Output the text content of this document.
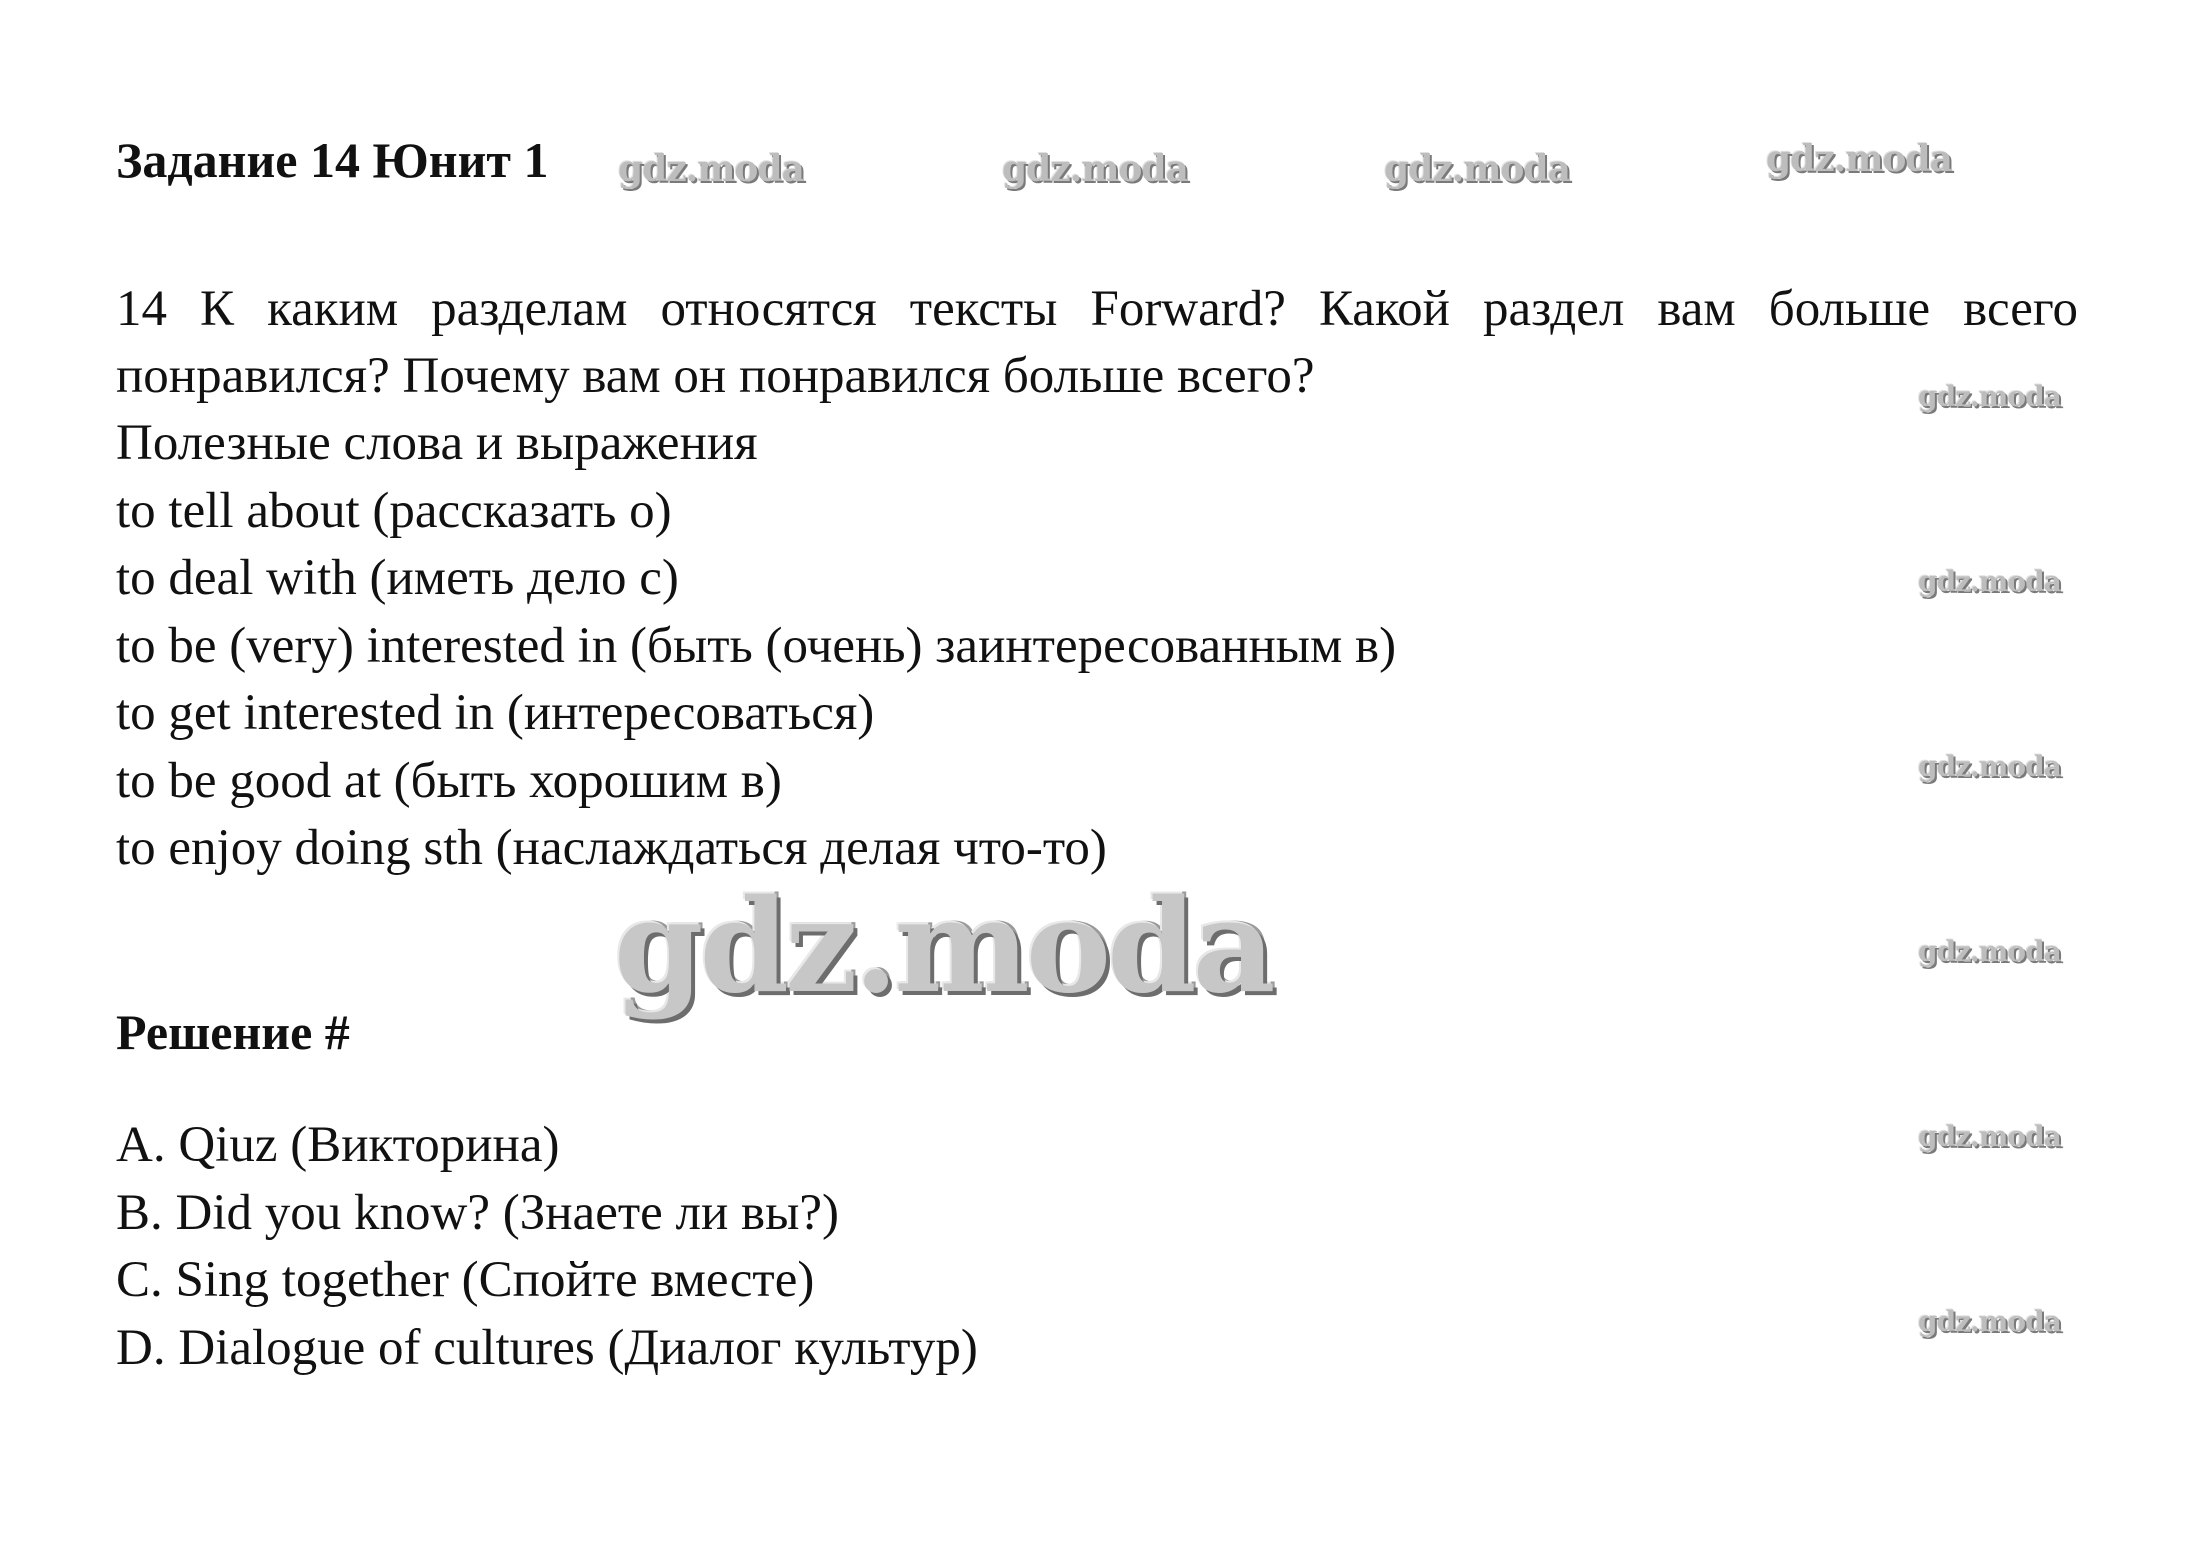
Задание 14 Юнит 1
14 К каким разделам относятся тексты Forward? Какой раздел вам больше всего понравился? Почему вам он понравился больше всего?
Полезные слова и выражения
to tell about (рассказать о)
to deal with (иметь дело с)
to be (very) interested in (быть (очень) заинтересованным в)
to get interested in (интересоваться)
to be good at (быть хорошим в)
to enjoy doing sth (наслаждаться делая что-то)
Решение #
A. Qiuz (Викторина)
B. Did you know? (Знаете ли вы?)
C. Sing together (Спойте вместе)
D. Dialogue of cultures (Диалог культур)
gdz.moda	gdz.moda	gdz.moda	gdz.moda
gdz.moda
gdz.moda
gdz.moda
gdz.moda
gdz.moda
gdz.moda
gdz.moda
